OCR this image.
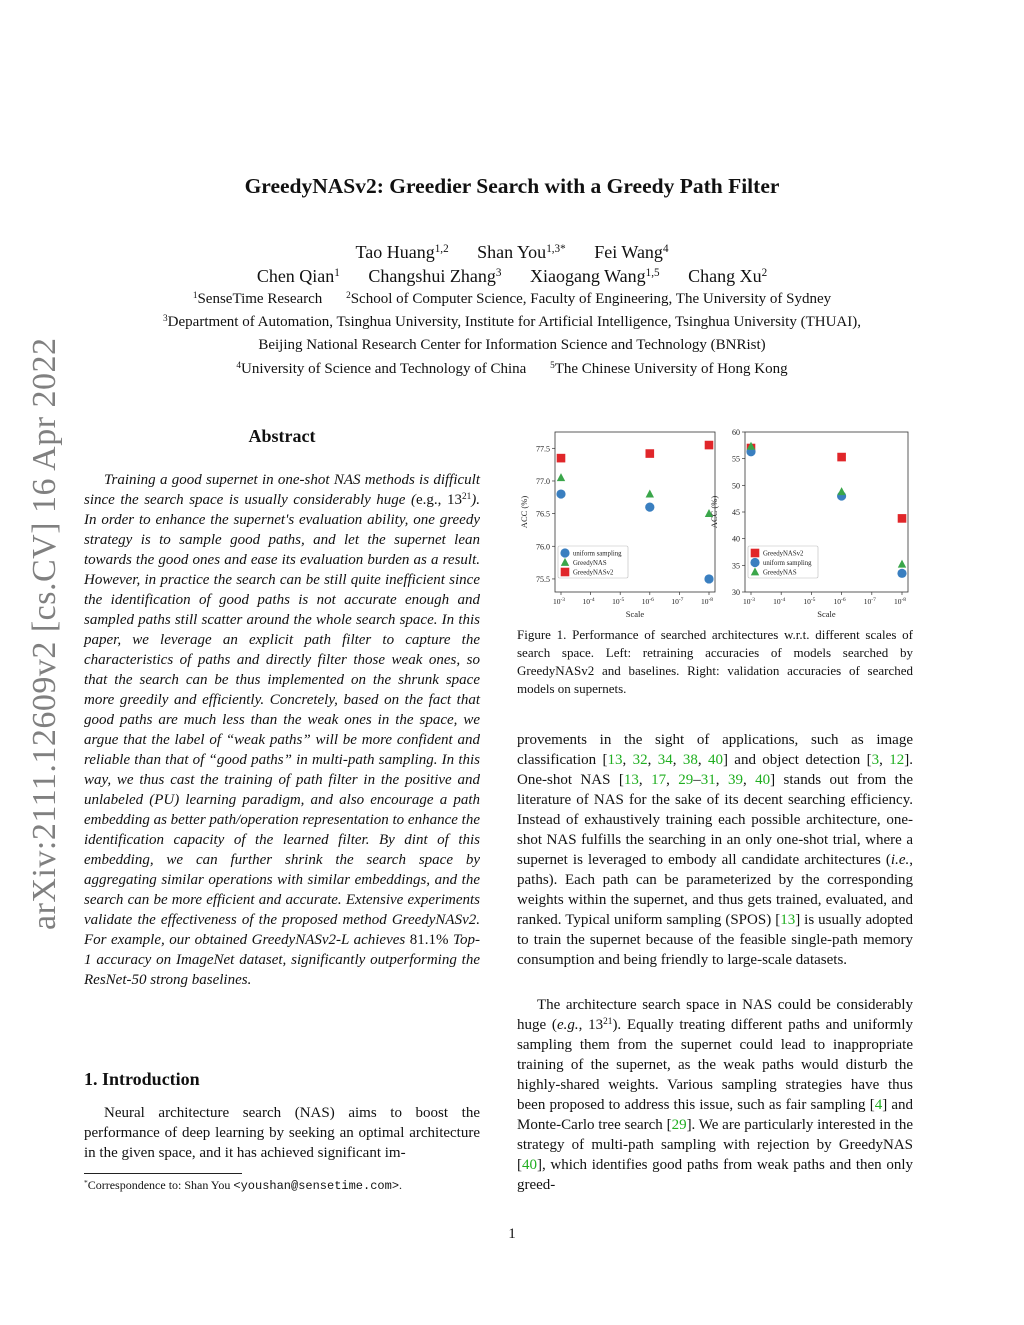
arXiv:2111.12609v2 [cs.CV] 16 Apr 2022
GreedyNASv2: Greedier Search with a Greedy Path Filter
Tao Huang$^{1,2}$ Shan You$^{1,3*}$ Fei Wang$^4$
Chen Qian$^1$ Changshui Zhang$^3$ Xiaogang Wang$^{1,5}$ Chang Xu$^2$
$^1$SenseTime Research	$^2$School of Computer Science, Faculty of Engineering, The University of Sydney
$^3$Department of Automation, Tsinghua University, Institute for Artificial Intelligence, Tsinghua University (THUAI),
Beijing National Research Center for Information Science and Technology (BNRist)
$^4$University of Science and Technology of China	$^5$The Chinese University of Hong Kong
Abstract

Training a good supernet in one-shot NAS methods is difficult since the search space is usually considerably huge (e.g., $13^{21}$). In order to enhance the supernet's evaluation ability, one greedy strategy is to sample good paths, and let the supernet lean towards the good ones and ease its evaluation burden as a result. However, in practice the search can be still quite inefficient since the identification of good paths is not accurate enough and sampled paths still scatter around the whole search space. In this paper, we leverage an explicit path filter to capture the characteristics of paths and directly filter those weak ones, so that the search can be thus implemented on the shrunk space more greedily and efficiently. Concretely, based on the fact that good paths are much less than the weak ones in the space, we argue that the label of “weak paths” will be more confident and reliable than that of “good paths” in multi-path sampling. In this way, we thus cast the training of path filter in the positive and unlabeled (PU) learning paradigm, and also encourage a path embedding as better path/operation representation to enhance the identification capacity of the learned filter. By dint of this embedding, we can further shrink the search space by aggregating similar operations with similar embeddings, and the search can be more efficient and accurate. Extensive experiments validate the effectiveness of the proposed method GreedyNASv2. For example, our obtained GreedyNASv2-L achieves 81.1% Top-1 accuracy on ImageNet dataset, significantly outperforming the ResNet-50 strong baselines.

1. Introduction

Neural architecture search (NAS) aims to boost the performance of deep learning by seeking an optimal architecture in the given space, and it has achieved significant im-

*Correspondence to: Shan You <youshan@sensetime.com>.
75.5
76.0
76.5
77.0
77.5
$10^{-3}$ $10^{-4}$ $10^{-5}$ $10^{-6}$ $10^{-7}$ $10^{-8}$
Scale
ACC (%)
uniform sampling
GreedyNAS
GreedyNASv2
30
35
40
45
50
55
60
$10^{-3}$ $10^{-4}$ $10^{-5}$ $10^{-6}$ $10^{-7}$ $10^{-8}$
Scale
ACC (%)
GreedyNASv2
uniform sampling
GreedyNAS
Figure 1. Performance of searched architectures w.r.t. different scales of search space. Left: retraining accuracies of models searched by GreedyNASv2 and baselines. Right: validation accuracies of searched models on supernets.

provements in the sight of applications, such as image classification [13, 32, 34, 38, 40] and object detection [3, 12]. One-shot NAS [13, 17, 29–31, 39, 40] stands out from the literature of NAS for the sake of its decent searching efficiency. Instead of exhaustively training each possible architecture, one-shot NAS fulfills the searching in an only one-shot trial, where a supernet is leveraged to embody all candidate architectures (i.e., paths). Each path can be parameterized by the corresponding weights within the supernet, and thus gets trained, evaluated, and ranked. Typical uniform sampling (SPOS) [13] is usually adopted to train the supernet because of the feasible single-path memory consumption and being friendly to large-scale datasets.

The architecture search space in NAS could be considerably huge (e.g., $13^{21}$). Equally treating different paths and uniformly sampling them from the supernet could lead to inappropriate training of the supernet, as the weak paths would disturb the highly-shared weights. Various sampling strategies have thus been proposed to address this issue, such as fair sampling [4] and Monte-Carlo tree search [29]. We are particularly interested in the strategy of multi-path sampling with rejection by GreedyNAS [40], which identifies good paths from weak paths and then only greed-

1
